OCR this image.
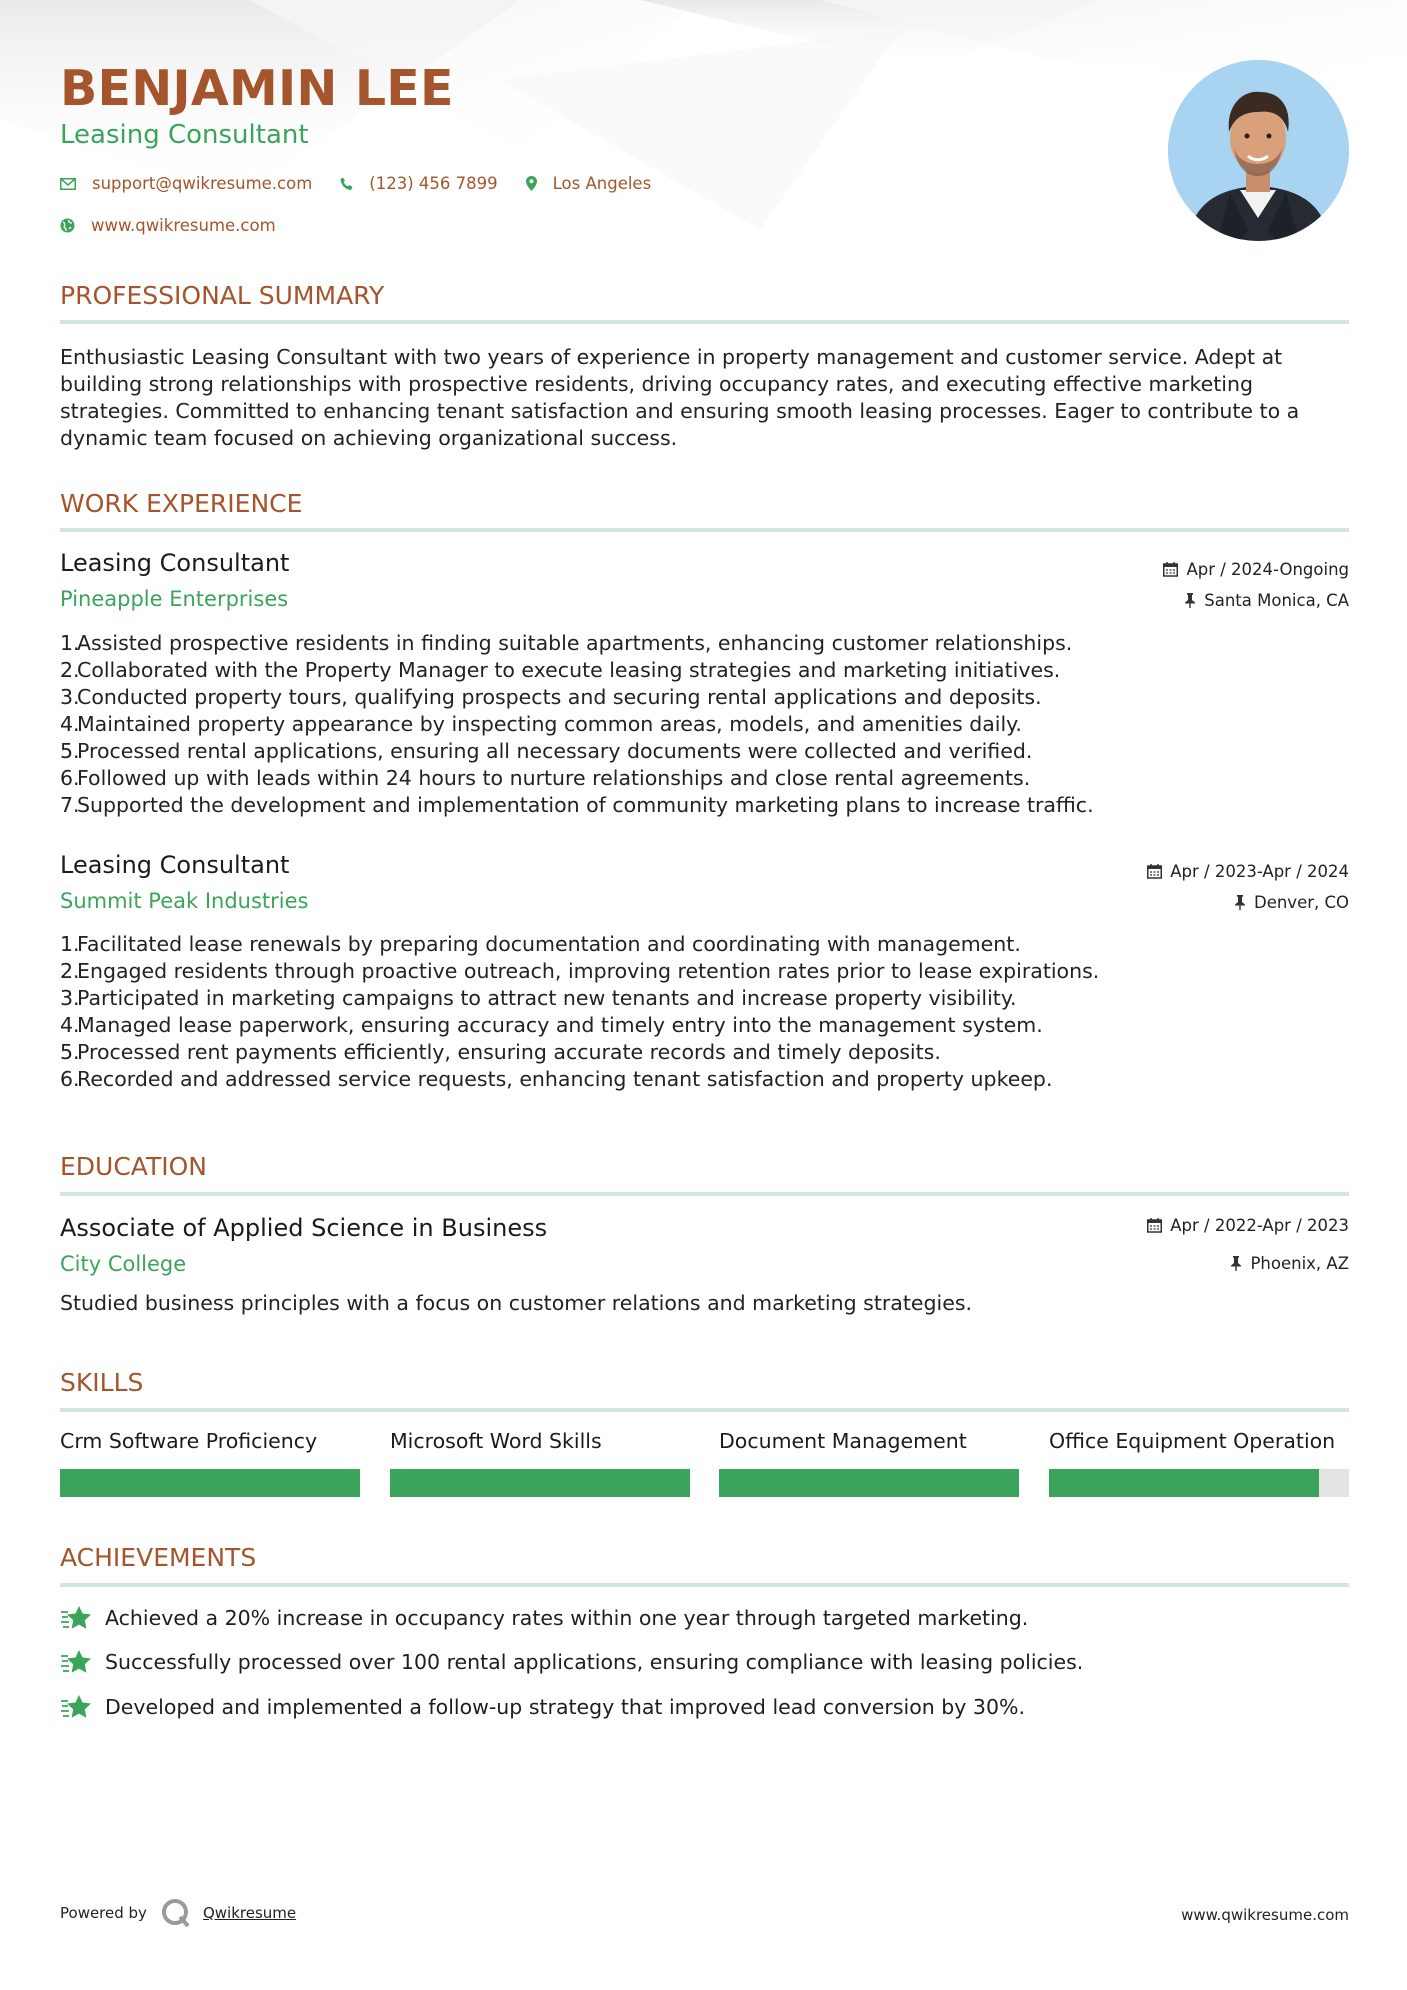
BENJAMIN LEE
Leasing Consultant
support@qwikresume.com	(123) 456 7899	Los Angeles
www.qwikresume.com
PROFESSIONAL SUMMARY
Enthusiastic Leasing Consultant with two years of experience in property management and customer service. Adept at
building strong relationships with prospective residents, driving occupancy rates, and executing effective marketing
strategies. Committed to enhancing tenant satisfaction and ensuring smooth leasing processes. Eager to contribute to a
dynamic team focused on achieving organizational success.
WORK EXPERIENCE
Leasing Consultant
Pineapple Enterprises
Apr / 2024-Ongoing
Santa Monica, CA
1.
Assisted prospective residents in finding suitable apartments, enhancing customer relationships.
2.
Collaborated with the Property Manager to execute leasing strategies and marketing initiatives.
3.
Conducted property tours, qualifying prospects and securing rental applications and deposits.
4.
Maintained property appearance by inspecting common areas, models, and amenities daily.
5.
Processed rental applications, ensuring all necessary documents were collected and verified.
6.
Followed up with leads within 24 hours to nurture relationships and close rental agreements.
7.
Supported the development and implementation of community marketing plans to increase traffic.
Leasing Consultant
Summit Peak Industries
Apr / 2023-Apr / 2024
Denver, CO
1.
Facilitated lease renewals by preparing documentation and coordinating with management.
2.
Engaged residents through proactive outreach, improving retention rates prior to lease expirations.
3.
Participated in marketing campaigns to attract new tenants and increase property visibility.
4.
Managed lease paperwork, ensuring accuracy and timely entry into the management system.
5.
Processed rent payments efficiently, ensuring accurate records and timely deposits.
6.
Recorded and addressed service requests, enhancing tenant satisfaction and property upkeep.
EDUCATION
Associate of Applied Science in Business
City College
Apr / 2022-Apr / 2023
Phoenix, AZ
Studied business principles with a focus on customer relations and marketing strategies.
SKILLS
Crm Software Proficiency	Microsoft Word Skills	Document Management	Office Equipment Operation
ACHIEVEMENTS
Achieved a 20% increase in occupancy rates within one year through targeted marketing.
Successfully processed over 100 rental applications, ensuring compliance with leasing policies.
Developed and implemented a follow-up strategy that improved lead conversion by 30%.
Powered by	Qwikresume	www.qwikresume.com
